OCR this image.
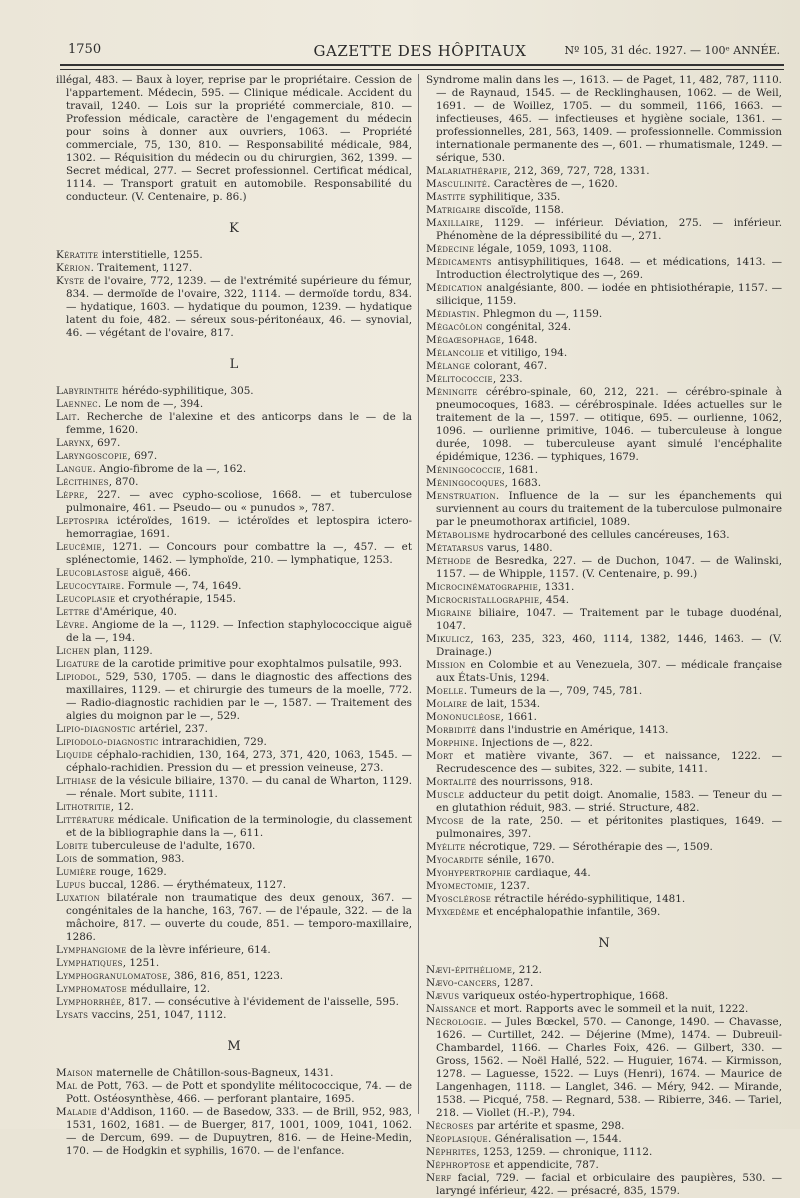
1750	GAZETTE DES HÔPITAUX	Nº 105, 31 déc. 1927. — 100ᵉ ANNÉE.
illégal, 483. — Baux à loyer, reprise par le propriétaire. Cession de l'appartement. Médecin, 595. — Clinique médicale. Accident du travail, 1240. — Lois sur la propriété commerciale, 810. — Profession médicale, caractère de l'engagement du médecin pour soins à donner aux ouvriers, 1063. — Propriété commerciale, 75, 130, 810. — Responsabilité médicale, 984, 1302. — Réquisition du médecin ou du chirurgien, 362, 1399. — Secret médical, 277. — Secret professionnel. Certificat médical, 1114. — Transport gratuit en automobile. Responsabilité du conducteur. (V. Centenaire, p. 86.)
K
Kératite interstitielle, 1255.
Kérion. Traitement, 1127.
Kyste de l'ovaire, 772, 1239. — de l'extrémité supérieure du fémur, 834. — dermoïde de l'ovaire, 322, 1114. — dermoïde tordu, 834. — hydatique, 1603. — hydatique du poumon, 1239. — hydatique latent du foie, 482. — séreux sous-péritonéaux, 46. — synovial, 46. — végétant de l'ovaire, 817.
L
Labyrinthite hérédo-syphilitique, 305.
Laennec. Le nom de —, 394.
Lait. Recherche de l'alexine et des anticorps dans le — de la femme, 1620.
Larynx, 697.
Laryngoscopie, 697.
Langue. Angio-fibrome de la —, 162.
Lécithines, 870.
Lèpre, 227. — avec cypho-scoliose, 1668. — et tuberculose pulmonaire, 461. — Pseudo— ou « punudos », 787.
Leptospira ictéroïdes, 1619. — ictéroïdes et leptospira ictero-hemorragiae, 1691.
Leucémie, 1271. — Concours pour combattre la —, 457. — et splénectomie, 1462. — lymphoïde, 210. — lymphatique, 1253.
Leucoblastose aiguë, 466.
Leucocytaire. Formule —, 74, 1649.
Leucoplasie et cryothérapie, 1545.
Lettre d'Amérique, 40.
Lèvre. Angiome de la —, 1129. — Infection staphylococcique aiguë de la —, 194.
Lichen plan, 1129.
Ligature de la carotide primitive pour exophtalmos pulsatile, 993.
Lipiodol, 529, 530, 1705. — dans le diagnostic des affections des maxillaires, 1129. — et chirurgie des tumeurs de la moelle, 772. — Radio-diagnostic rachidien par le —, 1587. — Traitement des algies du moignon par le —, 529.
Lipio-diagnostic artériel, 237.
Lipiodolo-diagnostic intrarachidien, 729.
Liquide céphalo-rachidien, 130, 164, 273, 371, 420, 1063, 1545. — céphalo-rachidien. Pression du — et pression veineuse, 273.
Lithiase de la vésicule biliaire, 1370. — du canal de Wharton, 1129. — rénale. Mort subite, 1111.
Lithotritie, 12.
Littérature médicale. Unification de la terminologie, du classement et de la bibliographie dans la —, 611.
Lobite tuberculeuse de l'adulte, 1670.
Lois de sommation, 983.
Lumière rouge, 1629.
Lupus buccal, 1286. — érythémateux, 1127.
Luxation bilatérale non traumatique des deux genoux, 367. — congénitales de la hanche, 163, 767. — de l'épaule, 322. — de la mâchoire, 817. — ouverte du coude, 851. — temporo-maxillaire, 1286.
Lymphangiome de la lèvre inférieure, 614.
Lymphatiques, 1251.
Lymphogranulomatose, 386, 816, 851, 1223.
Lymphomatose médullaire, 12.
Lymphorrhée, 817. — consécutive à l'évidement de l'aisselle, 595.
Lysats vaccins, 251, 1047, 1112.
M
Maison maternelle de Châtillon-sous-Bagneux, 1431.
Mal de Pott, 763. — de Pott et spondylite mélitococcique, 74. — de Pott. Ostéosynthèse, 466. — perforant plantaire, 1695.
Maladie d'Addison, 1160. — de Basedow, 333. — de Brill, 952, 983, 1531, 1602, 1681. — de Buerger, 817, 1001, 1009, 1041, 1062. — de Dercum, 699. — de Dupuytren, 816. — de Heine-Medin, 170. — de Hodgkin et syphilis, 1670. — de l'enfance.
Syndrome malin dans les —, 1613. — de Paget, 11, 482, 787, 1110. — de Raynaud, 1545. — de Recklinghausen, 1062. — de Weil, 1691. — de Woillez, 1705. — du sommeil, 1166, 1663. — infectieuses, 465. — infectieuses et hygiène sociale, 1361. — professionnelles, 281, 563, 1409. — professionnelle. Commission internationale permanente des —, 601. — rhumatismale, 1249. — sérique, 530.
Malariathérapie, 212, 369, 727, 728, 1331.
Masculinité. Caractères de —, 1620.
Mastite syphilitique, 335.
Matrigaire discoïde, 1158.
Maxillaire, 1129. — inférieur. Déviation, 275. — inférieur. Phénomène de la dépressibilité du —, 271.
Médecine légale, 1059, 1093, 1108.
Médicaments antisyphilitiques, 1648. — et médications, 1413. — Introduction électrolytique des —, 269.
Médication analgésiante, 800. — iodée en phtisiothérapie, 1157. — silicique, 1159.
Médiastin. Phlegmon du —, 1159.
Mégacôlon congénital, 324.
Mégaœsophage, 1648.
Mélancolie et vitiligo, 194.
Mélange colorant, 467.
Mélitococcie, 233.
Méningite cérébro-spinale, 60, 212, 221. — cérébro-spinale à pneumocoques, 1683. — cérébrospinale. Idées actuelles sur le traitement de la —, 1597. — otitique, 695. — ourlienne, 1062, 1096. — ourlienne primitive, 1046. — tuberculeuse à longue durée, 1098. — tuberculeuse ayant simulé l'encéphalite épidémique, 1236. — typhiques, 1679.
Méningococcie, 1681.
Méningocoques, 1683.
Menstruation. Influence de la — sur les épanchements qui surviennent au cours du traitement de la tuberculose pulmonaire par le pneumothorax artificiel, 1089.
Métabolisme hydrocarboné des cellules cancéreuses, 163.
Métatarsus varus, 1480.
Méthode de Besredka, 227. — de Duchon, 1047. — de Walinski, 1157. — de Whipple, 1157. (V. Centenaire, p. 99.)
Microcinématographie, 1331.
Microcristallographie, 454.
Migraine biliaire, 1047. — Traitement par le tubage duodénal, 1047.
Mikulicz, 163, 235, 323, 460, 1114, 1382, 1446, 1463. — (V. Drainage.)
Mission en Colombie et au Venezuela, 307. — médicale française aux États-Unis, 1294.
Moelle. Tumeurs de la —, 709, 745, 781.
Molaire de lait, 1534.
Mononucléose, 1661.
Morbidité dans l'industrie en Amérique, 1413.
Morphine. Injections de —, 822.
Mort et matière vivante, 367. — et naissance, 1222. — Recrudescence des — subites, 322. — subite, 1411.
Mortalité des nourrissons, 918.
Muscle adducteur du petit doigt. Anomalie, 1583. — Teneur du — en glutathion réduit, 983. — strié. Structure, 482.
Mycose de la rate, 250. — et péritonites plastiques, 1649. — pulmonaires, 397.
Myélite nécrotique, 729. — Sérothérapie des —, 1509.
Myocardite sénile, 1670.
Myohypertrophie cardiaque, 44.
Myomectomie, 1237.
Myosclérose rétractile hérédo-syphilitique, 1481.
Myxœdème et encéphalopathie infantile, 369.
N
Nævi-épithéliome, 212.
Nævo-cancers, 1287.
Nævus variqueux ostéo-hypertrophique, 1668.
Naissance et mort. Rapports avec le sommeil et la nuit, 1222.
Nécrologie. — Jules Bœckel, 570. — Canonge, 1490. — Chavasse, 1626. — Curtillet, 242. — Déjerine (Mme), 1474. — Dubreuil-Chambardel, 1166. — Charles Foix, 426. — Gilbert, 330. — Gross, 1562. — Noël Hallé, 522. — Huguier, 1674. — Kirmisson, 1278. — Laguesse, 1522. — Luys (Henri), 1674. — Maurice de Langenhagen, 1118. — Langlet, 346. — Méry, 942. — Mirande, 1538. — Picqué, 758. — Regnard, 538. — Ribierre, 346. — Tariel, 218. — Viollet (H.-P.), 794.
Nécroses par artérite et spasme, 298.
Néoplasique. Généralisation —, 1544.
Néphrites, 1253, 1259. — chronique, 1112.
Néphroptose et appendicite, 787.
Nerf facial, 729. — facial et orbiculaire des paupières, 530. — laryngé inférieur, 422. — présacré, 835, 1579.
